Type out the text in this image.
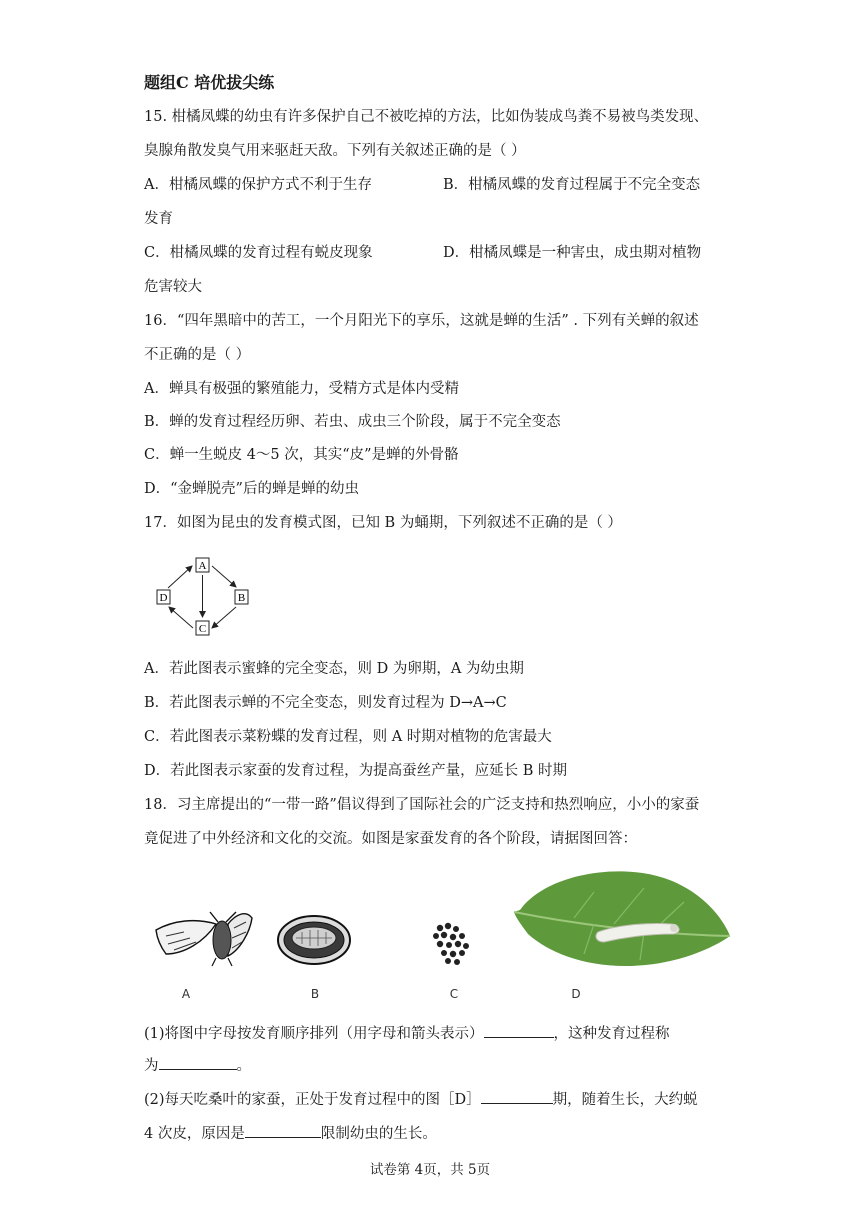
题组C 培优拔尖练
15. 柑橘凤蝶的幼虫有许多保护自己不被吃掉的方法，比如伪装成鸟粪不易被鸟类发现、
臭腺角散发臭气用来驱赶天敌。下列有关叙述正确的是（ ）
A．柑橘凤蝶的保护方式不利于生存	B．柑橘凤蝶的发育过程属于不完全变态
发育
C．柑橘凤蝶的发育过程有蜕皮现象	D．柑橘凤蝶是一种害虫，成虫期对植物
危害较大
16．“四年黑暗中的苦工，一个月阳光下的享乐，这就是蝉的生活” . 下列有关蝉的叙述
不正确的是（ ）
A．蝉具有极强的繁殖能力，受精方式是体内受精
B．蝉的发育过程经历卵、若虫、成虫三个阶段，属于不完全变态
C．蝉一生蜕皮 4～5 次，其实“皮”是蝉的外骨骼
D．“金蝉脱壳”后的蝉是蝉的幼虫
17．如图为昆虫的发育模式图，已知 B 为蛹期，下列叙述不正确的是（ ）
A
B
C
D
A．若此图表示蜜蜂的完全变态，则 D 为卵期，A 为幼虫期
B．若此图表示蝉的不完全变态，则发育过程为 D→A→C
C．若此图表示菜粉蝶的发育过程，则 A 时期对植物的危害最大
D．若此图表示家蚕的发育过程，为提高蚕丝产量，应延长 B 时期
18．习主席提出的“一带一路”倡议得到了国际社会的广泛支持和热烈响应，小小的家蚕
竟促进了中外经济和文化的交流。如图是家蚕发育的各个阶段，请据图回答：
A	B	C	D
(1)将图中字母按发育顺序排列（用字母和箭头表示）	，这种发育过程称
为	。
(2)每天吃桑叶的家蚕，正处于发育过程中的图［D］	期，随着生长，大约蜕
4 次皮，原因是	限制幼虫的生长。
试卷第 4页，共 5页
